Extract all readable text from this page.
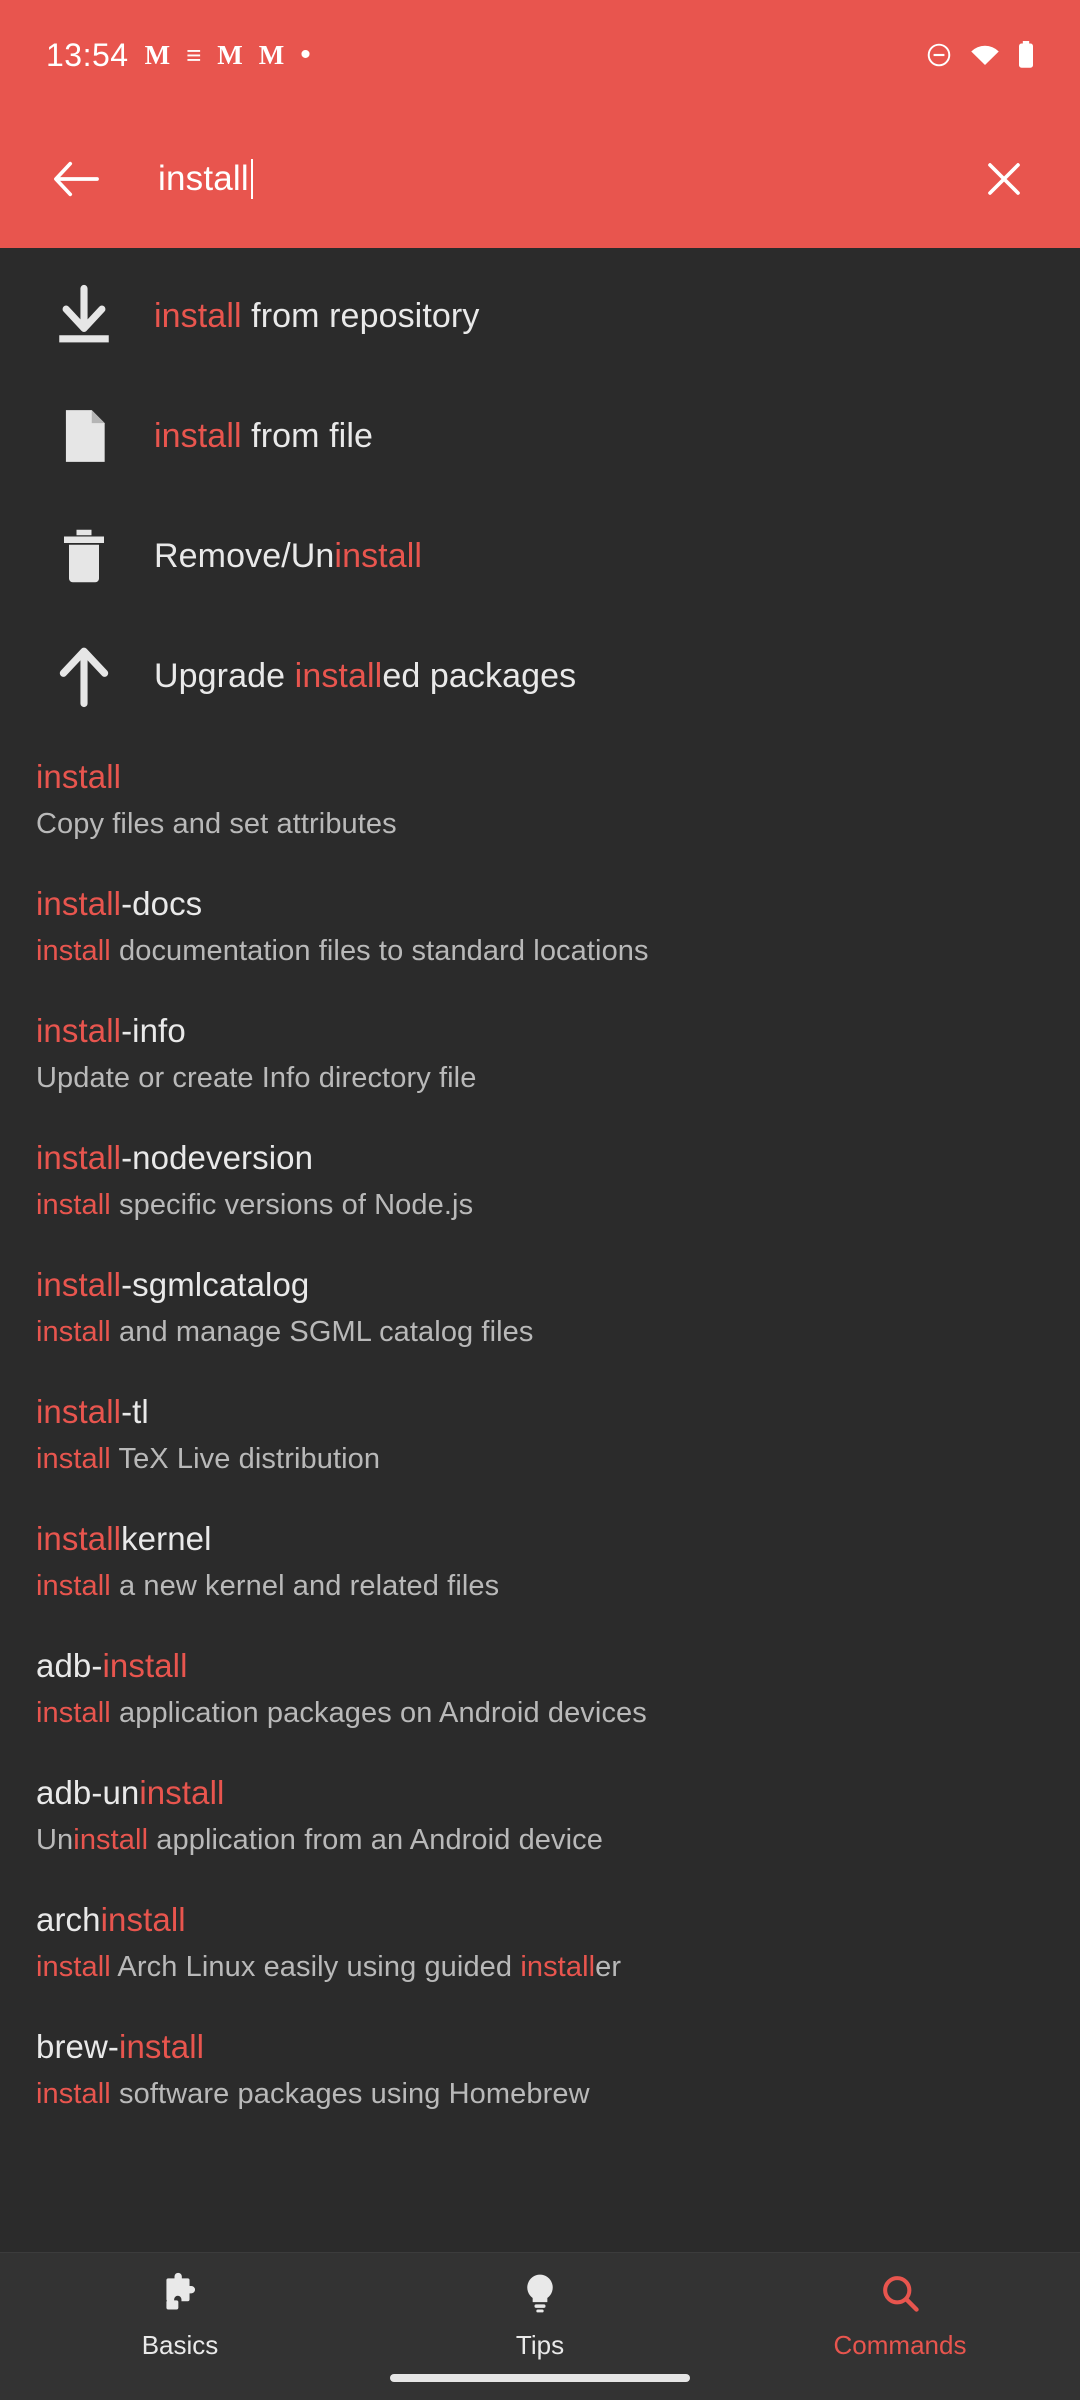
13:54 M ≡ M M •
install
install from repository
install from file
Remove/Uninstall
Upgrade installed packages
install
Copy files and set attributes
install-docs
install documentation files to standard locations
install-info
Update or create Info directory file
install-nodeversion
install specific versions of Node.js
install-sgmlcatalog
install and manage SGML catalog files
install-tl
install TeX Live distribution
installkernel
install a new kernel and related files
adb-install
install application packages on Android devices
adb-uninstall
Uninstall application from an Android device
archinstall
install Arch Linux easily using guided installer
brew-install
install software packages using Homebrew
Basics	Tips	Commands
